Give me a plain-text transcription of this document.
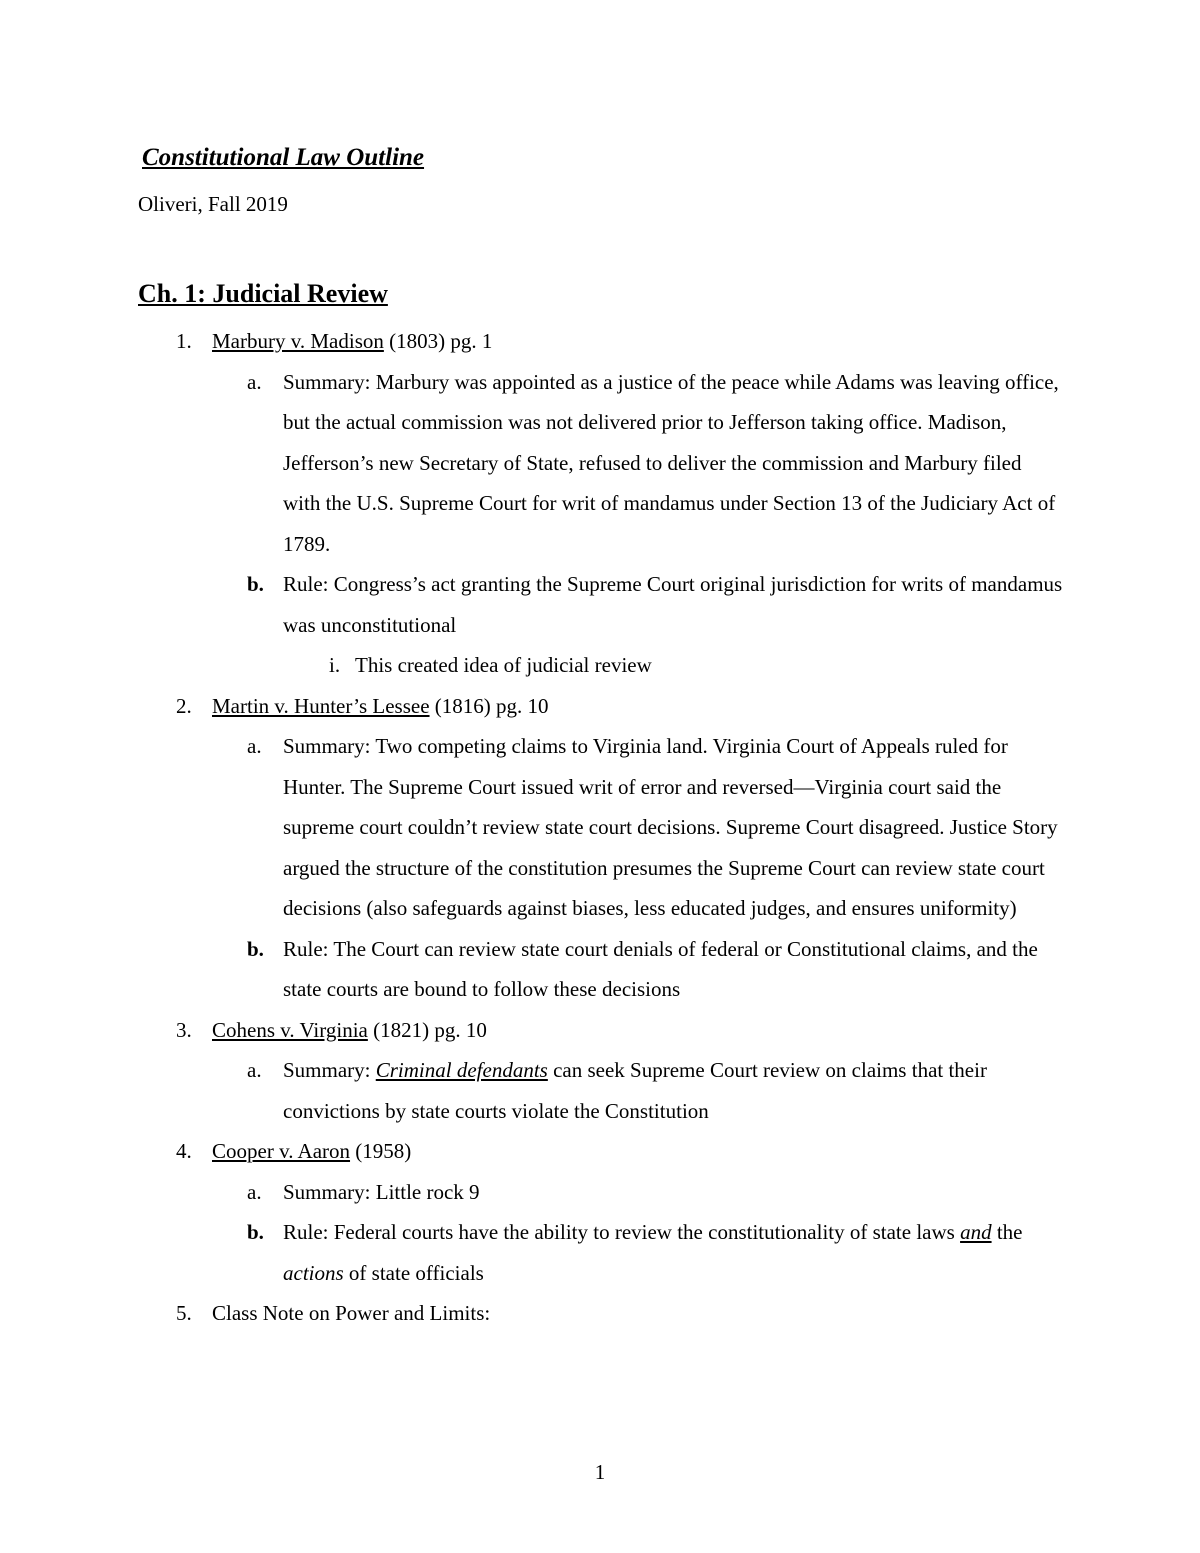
Constitutional Law Outline
Oliveri, Fall 2019
Ch. 1: Judicial Review
1. Marbury v. Madison (1803) pg. 1
a.	Summary: Marbury was appointed as a justice of the peace while Adams was leaving office, but the actual commission was not delivered prior to Jefferson taking office. Madison, Jefferson’s new Secretary of State, refused to deliver the commission and Marbury filed with the U.S. Supreme Court for writ of mandamus under Section 13 of the Judiciary Act of 1789.
b. Rule: Congress’s act granting the Supreme Court original jurisdiction for writs of mandamus was unconstitutional
i. This created idea of judicial review
2. Martin v. Hunter’s Lessee (1816) pg. 10
a.	Summary: Two competing claims to Virginia land. Virginia Court of Appeals ruled for Hunter. The Supreme Court issued writ of error and reversed—Virginia court said the supreme court couldn’t review state court decisions. Supreme Court disagreed. Justice Story argued the structure of the constitution presumes the Supreme Court can review state court decisions (also safeguards against biases, less educated judges, and ensures uniformity)
b. Rule: The Court can review state court denials of federal or Constitutional claims, and the state courts are bound to follow these decisions
3. Cohens v. Virginia (1821) pg. 10
a.	Summary: Criminal defendants can seek Supreme Court review on claims that their convictions by state courts violate the Constitution
4. Cooper v. Aaron (1958)
a.	Summary: Little rock 9
b. Rule: Federal courts have the ability to review the constitutionality of state laws and the actions of state officials
5. Class Note on Power and Limits:
1
